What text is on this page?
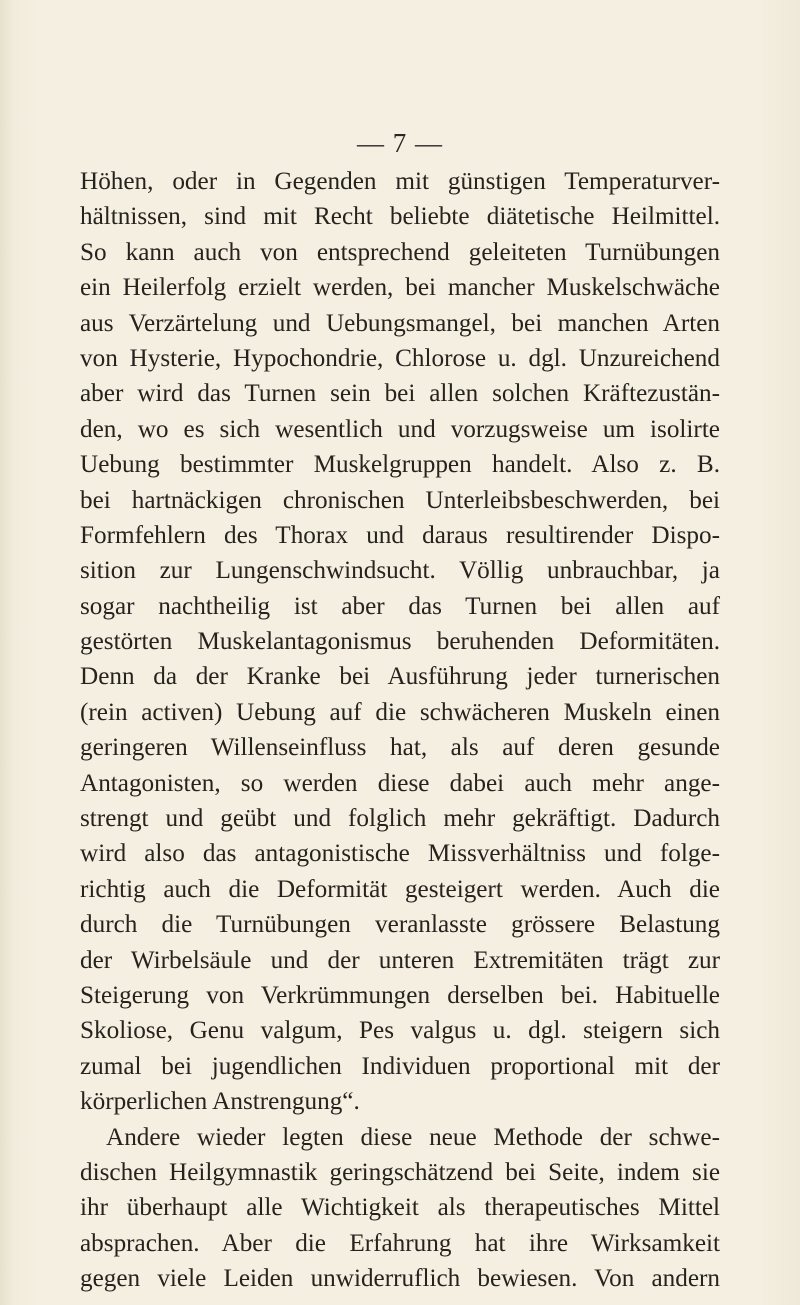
— 7 —
Höhen, oder in Gegenden mit günstigen Temperaturver-
hältnissen, sind mit Recht beliebte diätetische Heilmittel.
So kann auch von entsprechend geleiteten Turnübungen
ein Heilerfolg erzielt werden, bei mancher Muskelschwäche
aus Verzärtelung und Uebungsmangel, bei manchen Arten
von Hysterie, Hypochondrie, Chlorose u. dgl. Unzureichend
aber wird das Turnen sein bei allen solchen Kräftezustän-
den, wo es sich wesentlich und vorzugsweise um isolirte
Uebung bestimmter Muskelgruppen handelt. Also z. B.
bei hartnäckigen chronischen Unterleibsbeschwerden, bei
Formfehlern des Thorax und daraus resultirender Dispo-
sition zur Lungenschwindsucht. Völlig unbrauchbar, ja
sogar nachtheilig ist aber das Turnen bei allen auf
gestörten Muskelantagonismus beruhenden Deformitäten.
Denn da der Kranke bei Ausführung jeder turnerischen
(rein activen) Uebung auf die schwächeren Muskeln einen
geringeren Willenseinfluss hat, als auf deren gesunde
Antagonisten, so werden diese dabei auch mehr ange-
strengt und geübt und folglich mehr gekräftigt. Dadurch
wird also das antagonistische Missverhältniss und folge-
richtig auch die Deformität gesteigert werden. Auch die
durch die Turnübungen veranlasste grössere Belastung
der Wirbelsäule und der unteren Extremitäten trägt zur
Steigerung von Verkrümmungen derselben bei. Habituelle
Skoliose, Genu valgum, Pes valgus u. dgl. steigern sich
zumal bei jugendlichen Individuen proportional mit der
körperlichen Anstrengung“.
Andere wieder legten diese neue Methode der schwe-
dischen Heilgymnastik geringschätzend bei Seite, indem sie
ihr überhaupt alle Wichtigkeit als therapeutisches Mittel
absprachen. Aber die Erfahrung hat ihre Wirksamkeit
gegen viele Leiden unwiderruflich bewiesen. Von andern
